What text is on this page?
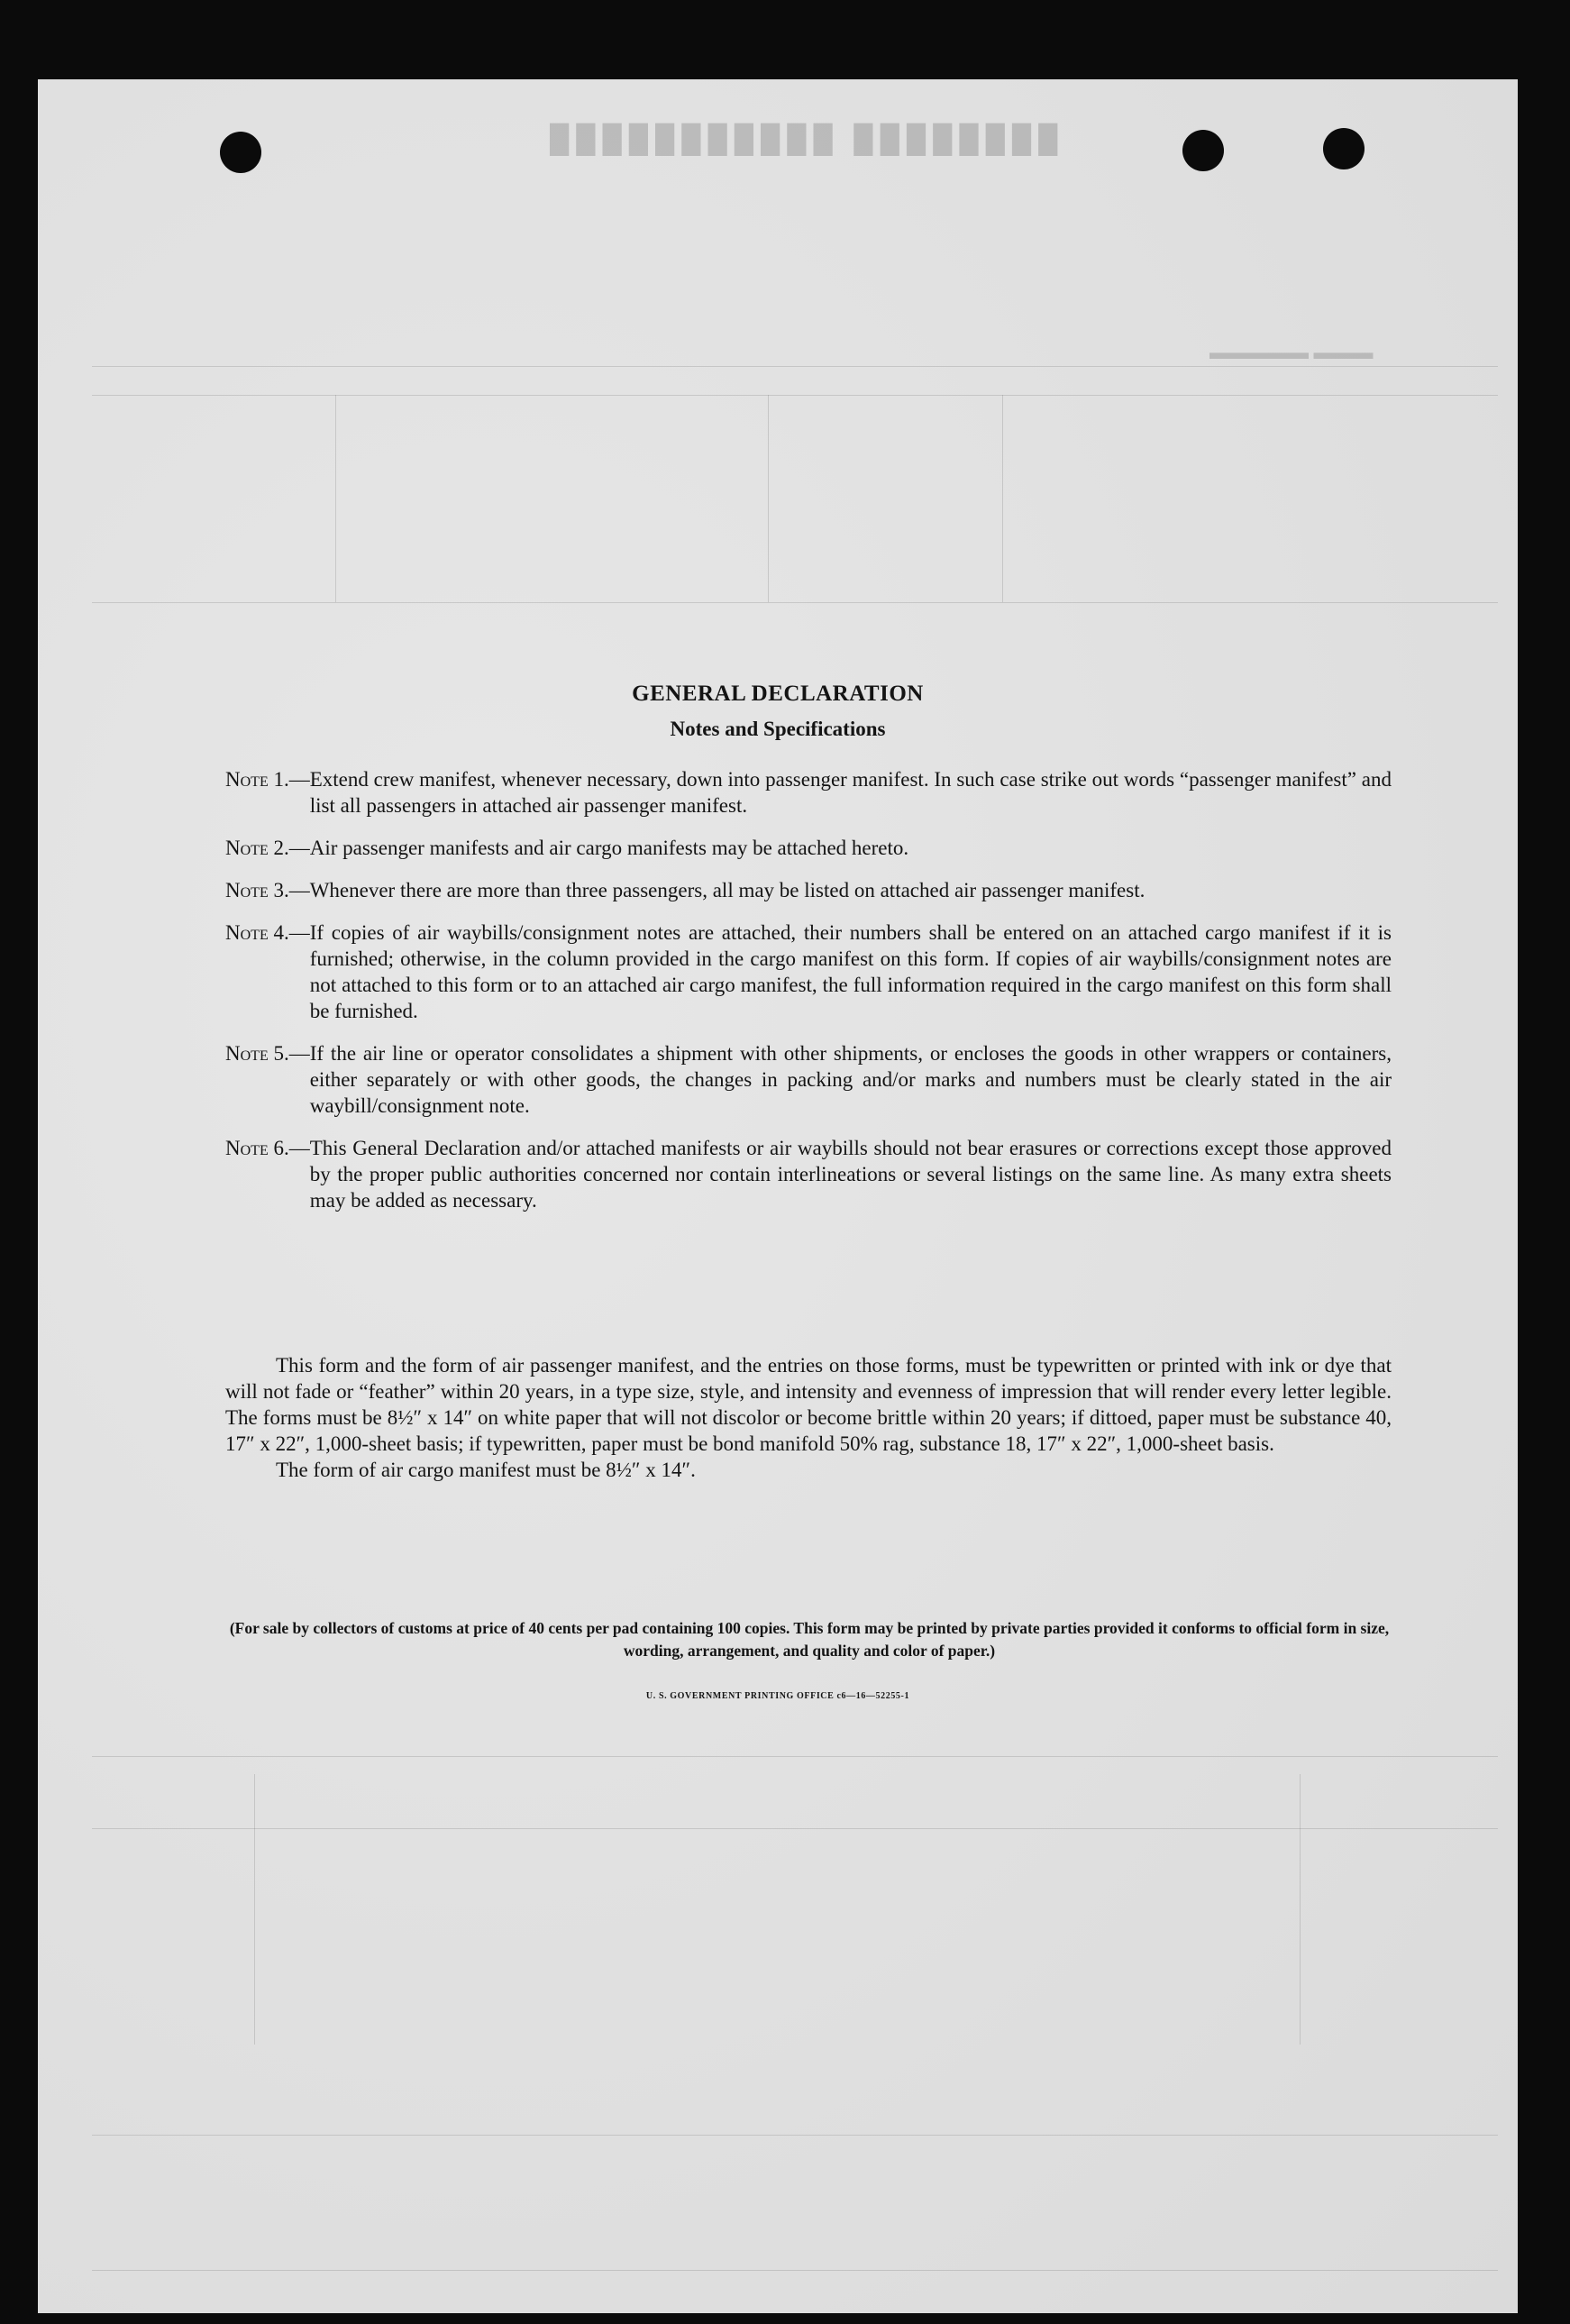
████████ ███████████
▬▬▬ ▬▬▬▬▬
GENERAL DECLARATION
Notes and Specifications
Note 1.— Extend crew manifest, whenever necessary, down into passenger manifest. In such case strike out words “passenger manifest” and list all passengers in attached air passenger manifest.
Note 2.— Air passenger manifests and air cargo manifests may be attached hereto.
Note 3.— Whenever there are more than three passengers, all may be listed on attached air passenger manifest.
Note 4.— If copies of air waybills/consignment notes are attached, their numbers shall be entered on an attached cargo manifest if it is furnished; otherwise, in the column provided in the cargo manifest on this form. If copies of air waybills/consignment notes are not attached to this form or to an attached air cargo manifest, the full information required in the cargo manifest on this form shall be furnished.
Note 5.— If the air line or operator consolidates a shipment with other shipments, or encloses the goods in other wrappers or containers, either separately or with other goods, the changes in packing and/or marks and numbers must be clearly stated in the air waybill/consignment note.
Note 6.— This General Declaration and/or attached manifests or air waybills should not bear erasures or corrections except those approved by the proper public authorities concerned nor contain interlineations or several listings on the same line. As many extra sheets may be added as necessary.
This form and the form of air passenger manifest, and the entries on those forms, must be typewritten or printed with ink or dye that will not fade or “feather” within 20 years, in a type size, style, and intensity and evenness of impression that will render every letter legible. The forms must be 8½″ x 14″ on white paper that will not discolor or become brittle within 20 years; if dittoed, paper must be substance 40, 17″ x 22″, 1,000-sheet basis; if typewritten, paper must be bond manifold 50% rag, substance 18, 17″ x 22″, 1,000-sheet basis.
The form of air cargo manifest must be 8½″ x 14″.
(For sale by collectors of customs at price of 40 cents per pad containing 100 copies. This form may be printed by private parties provided it conforms to official form in size, wording, arrangement, and quality and color of paper.)
U. S. GOVERNMENT PRINTING OFFICE c6—16—52255-1
